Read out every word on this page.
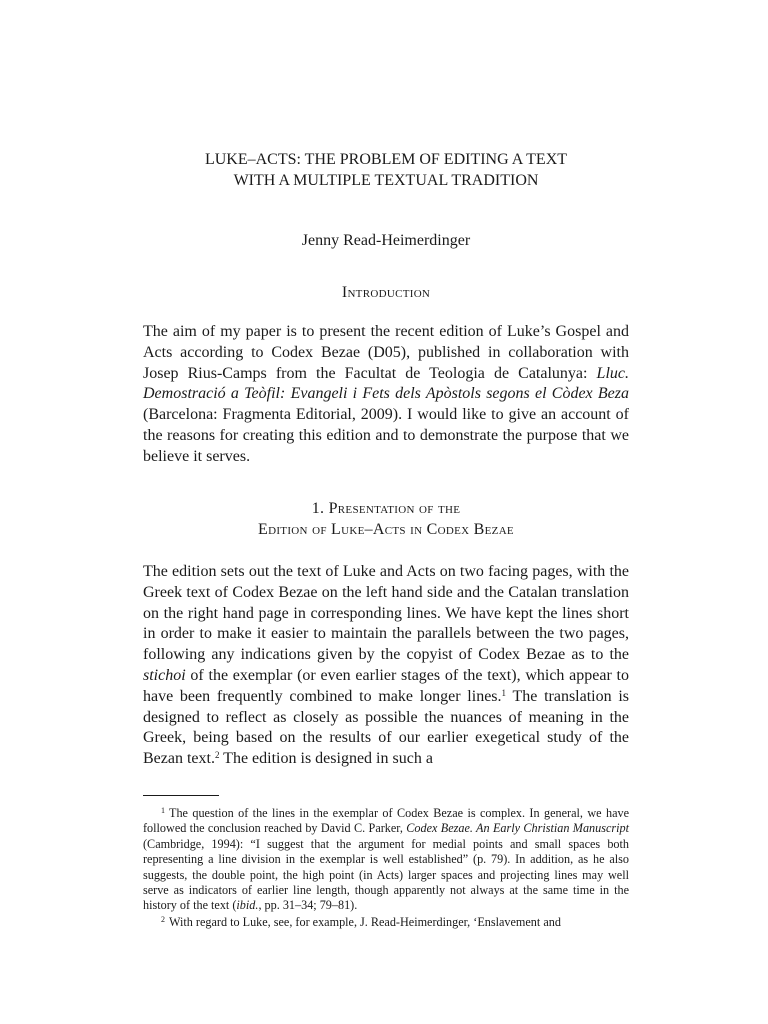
LUKE–ACTS: THE PROBLEM OF EDITING A TEXT
WITH A MULTIPLE TEXTUAL TRADITION
Jenny Read-Heimerdinger
Introduction

The aim of my paper is to present the recent edition of Luke’s Gospel and Acts according to Codex Bezae (D05), published in collaboration with Josep Rius-Camps from the Facultat de Teologia de Catalunya: Lluc. Demostració a Teòfil: Evangeli i Fets dels Apòstols segons el Còdex Beza (Barcelona: Fragmenta Editorial, 2009). I would like to give an account of the reasons for creating this edition and to demonstrate the purpose that we believe it serves.

1. Presentation of the
Edition of Luke–Acts in Codex Bezae

The edition sets out the text of Luke and Acts on two facing pages, with the Greek text of Codex Bezae on the left hand side and the Catalan translation on the right hand page in corresponding lines. We have kept the lines short in order to make it easier to maintain the parallels between the two pages, following any indications given by the copyist of Codex Bezae as to the stichoi of the exemplar (or even earlier stages of the text), which appear to have been frequently combined to make longer lines.$^1$ The translation is designed to reflect as closely as possible the nuances of meaning in the Greek, being based on the results of our earlier exegetical study of the Bezan text.$^2$ The edition is designed in such a

$^1$ The question of the lines in the exemplar of Codex Bezae is complex. In general, we have followed the conclusion reached by David C. Parker, Codex Bezae. An Early Christian Manuscript (Cambridge, 1994): “I suggest that the argument for medial points and small spaces both representing a line division in the exemplar is well established” (p. 79). In addition, as he also suggests, the double point, the high point (in Acts) larger spaces and projecting lines may well serve as indicators of earlier line length, though apparently not always at the same time in the history of the text (ibid., pp. 31–34; 79–81).

$^2$ With regard to Luke, see, for example, J. Read-Heimerdinger, ‘Enslavement and
